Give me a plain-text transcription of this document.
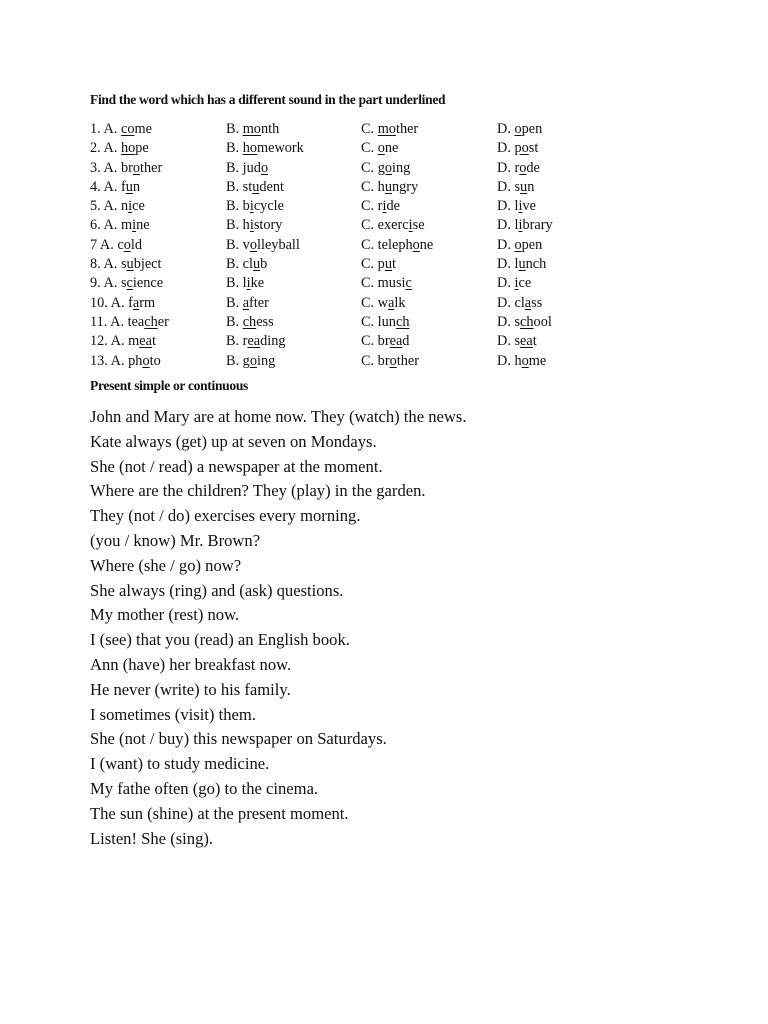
Find the word which has a different sound in the part underlined
1. A. come	B. month	C. mother	D. open
2. A. hope	B. homework	C. one	D. post
3. A. brother	B. judo	C. going	D. rode
4. A. fun	B. student	C. hungry	D. sun
5. A. nice	B. bicycle	C. ride	D. live
6. A. mine	B. history	C. exercise	D. library
7 A. cold	B. volleyball	C. telephone	D. open
8. A. subject	B. club	C. put	D. lunch
9. A. science	B. like	C. music	D. ice
10. A. farm	B. after	C. walk	D. class
11. A. teacher	B. chess	C. lunch	D. school
12. A. meat	B. reading	C. bread	D. seat
13. A. photo	B. going	C. brother	D. home
Present simple or continuous
John and Mary are at home now. They (watch) the news.
Kate always (get) up at seven on Mondays.
She (not / read) a newspaper at the moment.
Where are the children? They (play) in the garden.
They (not / do) exercises every morning.
(you / know) Mr. Brown?
Where (she / go) now?
She always (ring) and (ask) questions.
My mother (rest) now.
I (see) that you (read) an English book.
Ann (have) her breakfast now.
He never (write) to his family.
I sometimes (visit) them.
She (not / buy) this newspaper on Saturdays.
I (want) to study medicine.
My fathe often (go) to the cinema.
The sun (shine) at the present moment.
Listen! She (sing).
